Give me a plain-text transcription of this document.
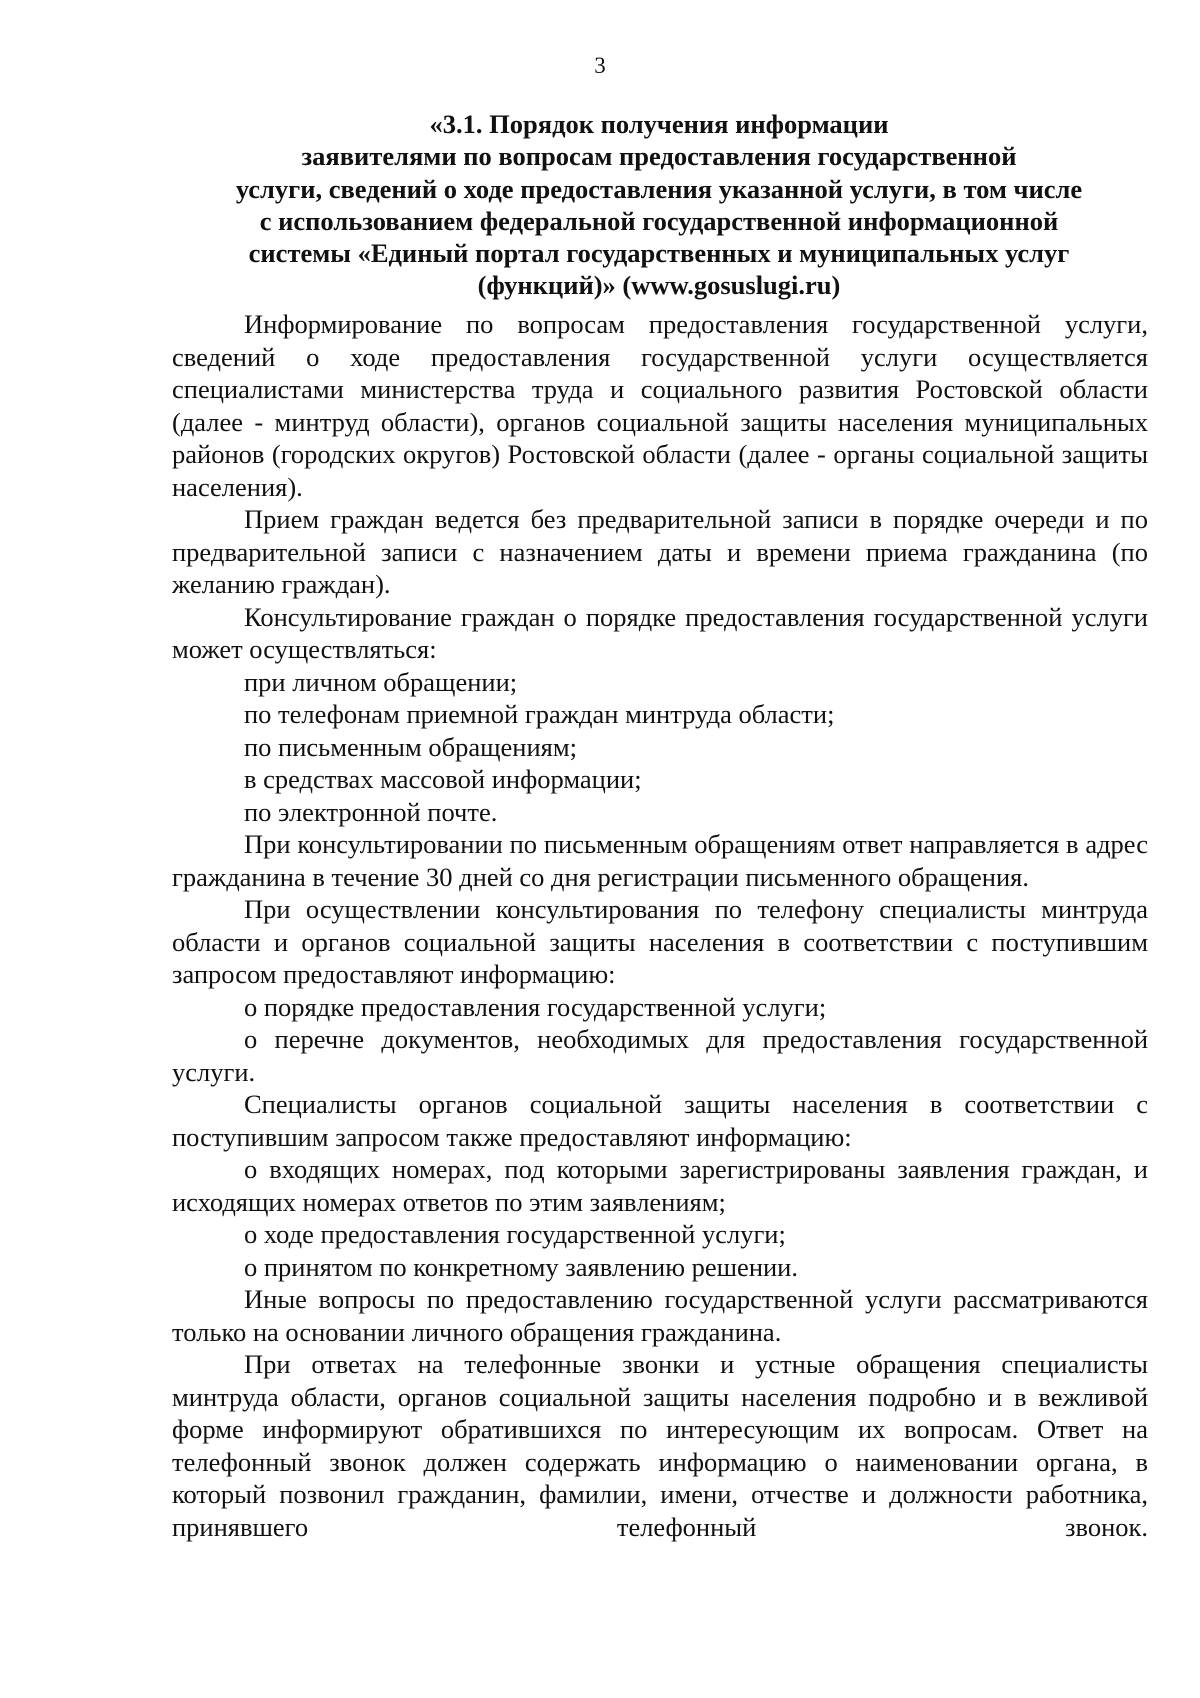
3
«3.1. Порядок получения информации
заявителями по вопросам предоставления государственной
услуги, сведений о ходе предоставления указанной услуги, в том числе
с использованием федеральной государственной информационной
системы «Единый портал государственных и муниципальных услуг
(функций)» (www.gosuslugi.ru)

Информирование по вопросам предоставления государственной услуги, сведений о ходе предоставления государственной услуги осуществляется специалистами министерства труда и социального развития Ростовской области (далее - минтруд области), органов социальной защиты населения муниципальных районов (городских округов) Ростовской области (далее - органы социальной защиты населения).

Прием граждан ведется без предварительной записи в порядке очереди и по предварительной записи с назначением даты и времени приема гражданина (по желанию граждан).

Консультирование граждан о порядке предоставления государственной услуги может осуществляться:

при личном обращении;

по телефонам приемной граждан минтруда области;

по письменным обращениям;

в средствах массовой информации;

по электронной почте.

При консультировании по письменным обращениям ответ направляется в адрес гражданина в течение 30 дней со дня регистрации письменного обращения.

При осуществлении консультирования по телефону специалисты минтруда области и органов социальной защиты населения в соответствии с поступившим запросом предоставляют информацию:

о порядке предоставления государственной услуги;

о перечне документов, необходимых для предоставления государственной услуги.

Специалисты органов социальной защиты населения в соответствии с поступившим запросом также предоставляют информацию:

о входящих номерах, под которыми зарегистрированы заявления граждан, и исходящих номерах ответов по этим заявлениям;

о ходе предоставления государственной услуги;

о принятом по конкретному заявлению решении.

Иные вопросы по предоставлению государственной услуги рассматриваются только на основании личного обращения гражданина.

При ответах на телефонные звонки и устные обращения специалисты минтруда области, органов социальной защиты населения подробно и в вежливой форме информируют обратившихся по интересующим их вопросам. Ответ на телефонный звонок должен содержать информацию о наименовании органа, в который позвонил гражданин, фамилии, имени, отчестве и должности работника, принявшего телефонный звонок.
